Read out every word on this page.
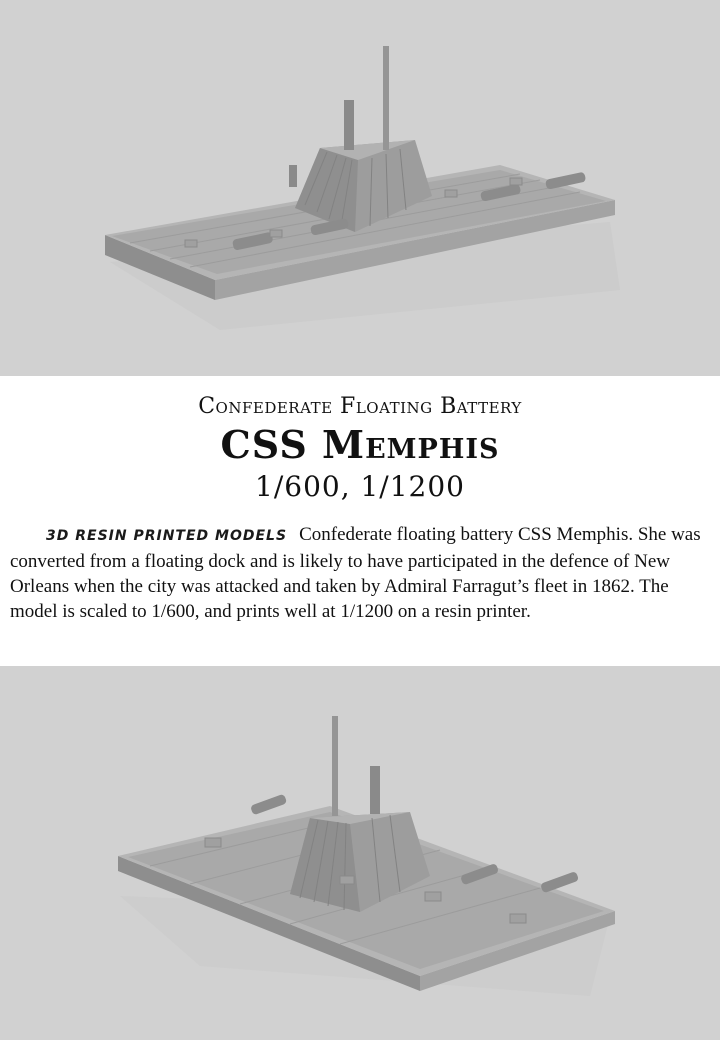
Confederate Floating Battery
CSS Memphis
1/600, 1/1200

3D RESIN PRINTED MODELS Confederate floating battery CSS Memphis. She was converted from a floating dock and is likely to have participated in the defence of New Orleans when the city was attacked and taken by Admiral Farragut’s fleet in 1862. The model is scaled to 1/600, and prints well at 1/1200 on a resin printer.
